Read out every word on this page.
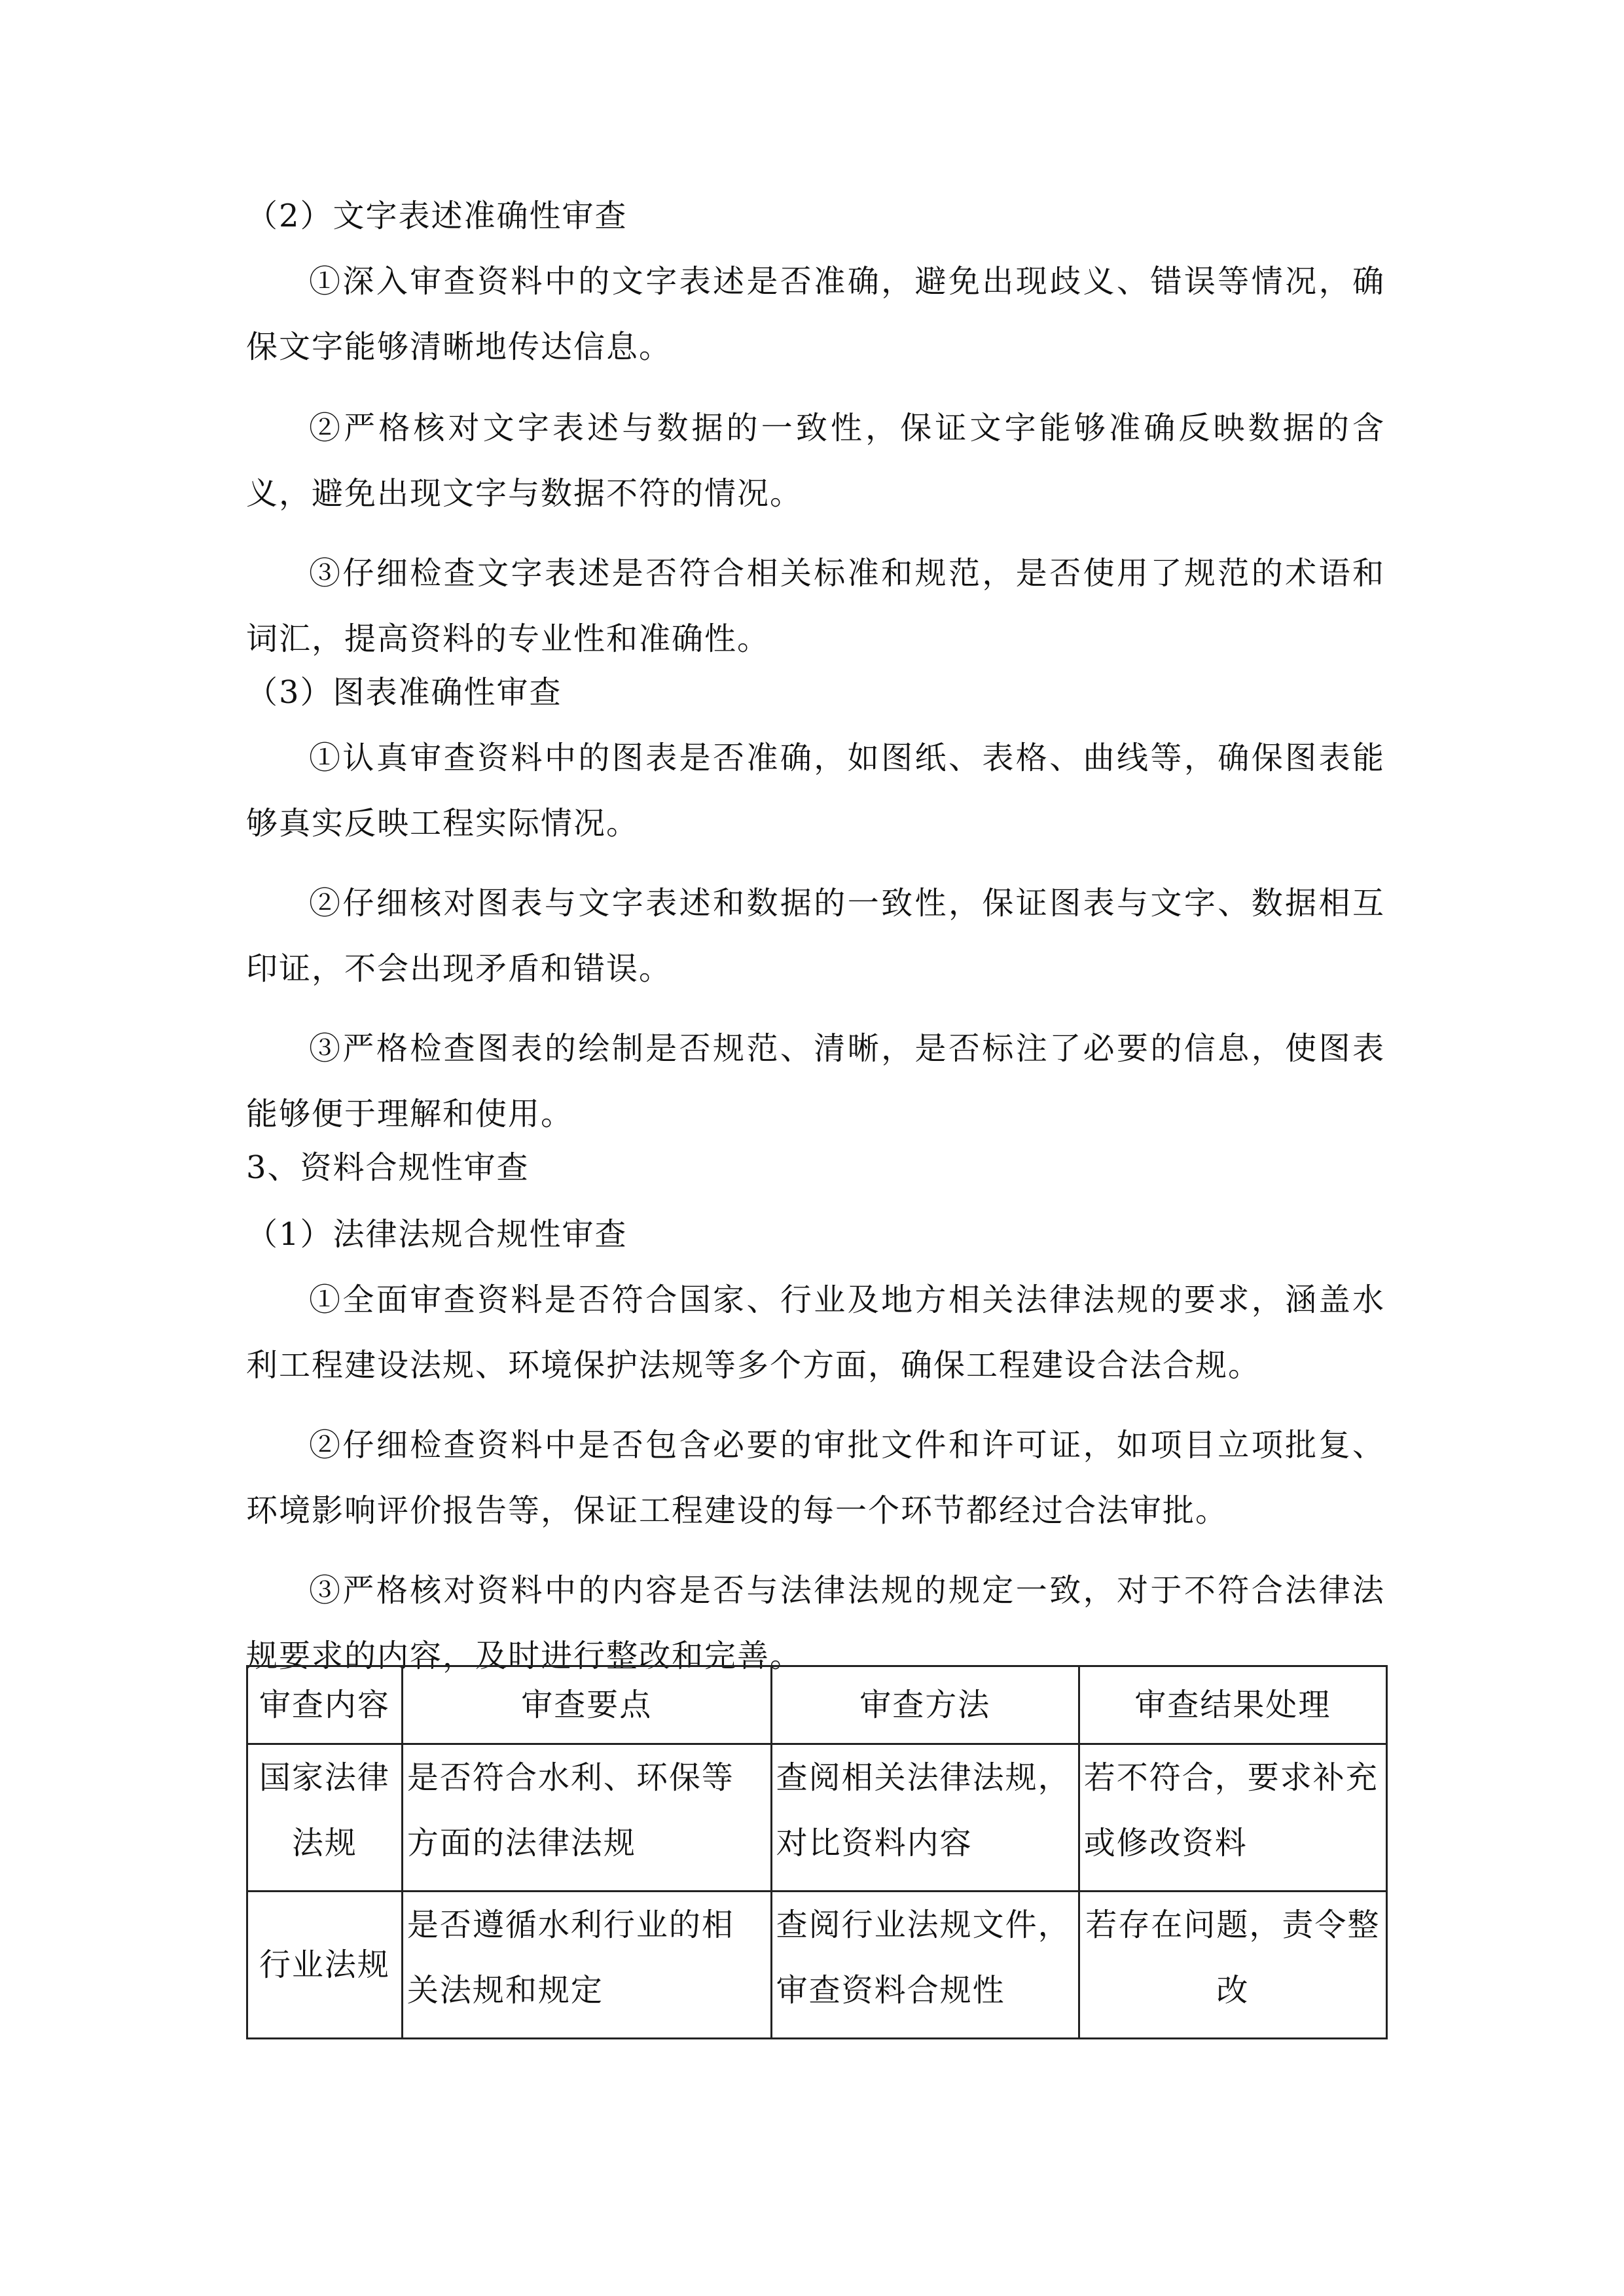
（2）文字表述准确性审查
①深入审查资料中的文字表述是否准确，避免出现歧义、错误等情况，确保文字能够清晰地传达信息。
②严格核对文字表述与数据的一致性，保证文字能够准确反映数据的含义，避免出现文字与数据不符的情况。
③仔细检查文字表述是否符合相关标准和规范，是否使用了规范的术语和词汇，提高资料的专业性和准确性。
（3）图表准确性审查
①认真审查资料中的图表是否准确，如图纸、表格、曲线等，确保图表能够真实反映工程实际情况。
②仔细核对图表与文字表述和数据的一致性，保证图表与文字、数据相互印证，不会出现矛盾和错误。
③严格检查图表的绘制是否规范、清晰，是否标注了必要的信息，使图表能够便于理解和使用。
3、资料合规性审查
（1）法律法规合规性审查
①全面审查资料是否符合国家、行业及地方相关法律法规的要求，涵盖水利工程建设法规、环境保护法规等多个方面，确保工程建设合法合规。
②仔细检查资料中是否包含必要的审批文件和许可证，如项目立项批复、环境影响评价报告等，保证工程建设的每一个环节都经过合法审批。
③严格核对资料中的内容是否与法律法规的规定一致，对于不符合法律法规要求的内容，及时进行整改和完善。
审查内容	审查要点	审查方法	审查结果处理
国家法律法规	是否符合水利、环保等方面的法律法规	查阅相关法律法规，对比资料内容	若不符合，要求补充或修改资料
行业法规	是否遵循水利行业的相关法规和规定	查阅行业法规文件，审查资料合规性	若存在问题，责令整改
